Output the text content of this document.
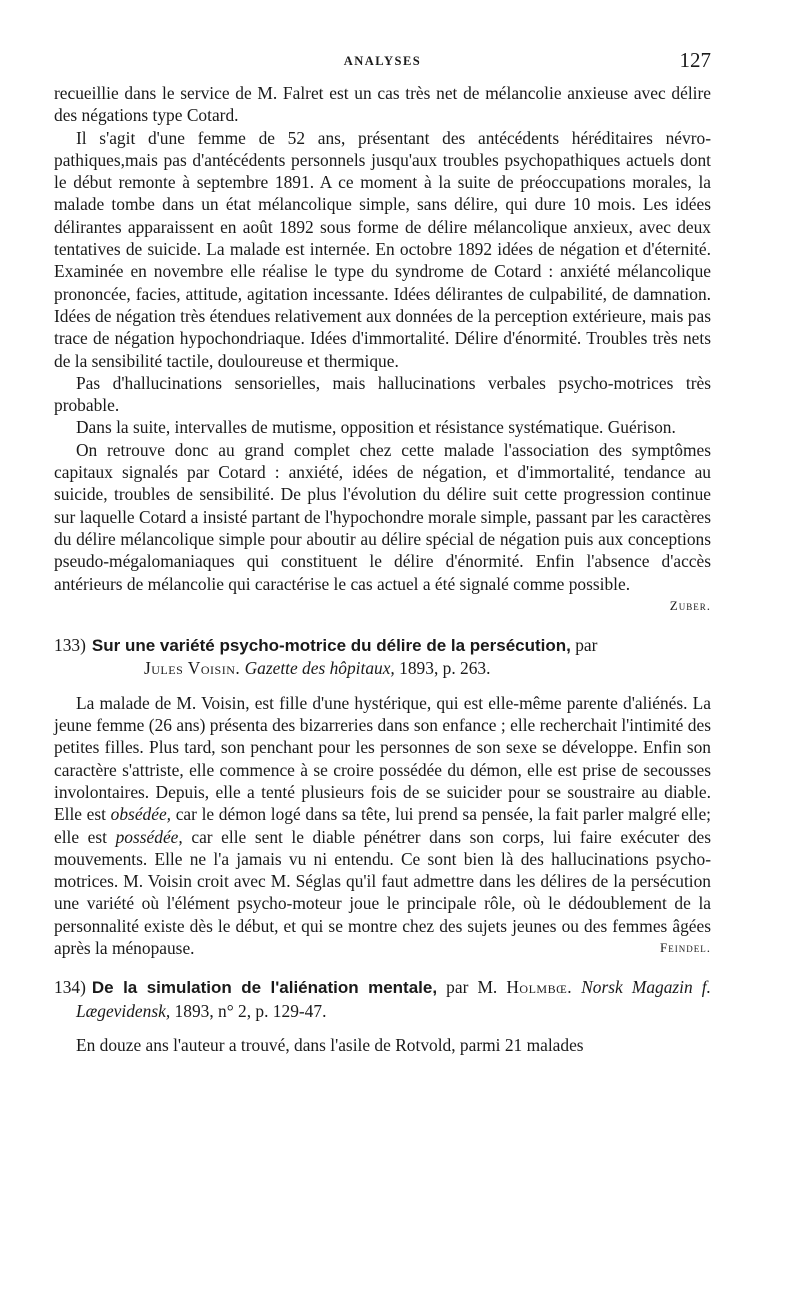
ANALYSES	127

recueillie dans le service de M. Falret est un cas très net de mélancolie anxieuse avec délire des négations type Cotard.

Il s'agit d'une femme de 52 ans, présentant des antécédents héréditaires névro-pathiques,mais pas d'antécédents personnels jusqu'aux troubles psychopathiques actuels dont le début remonte à septembre 1891. A ce moment à la suite de préoccupations morales, la malade tombe dans un état mélancolique simple, sans délire, qui dure 10 mois. Les idées délirantes apparaissent en août 1892 sous forme de délire mélancolique anxieux, avec deux tentatives de suicide. La malade est internée. En octobre 1892 idées de négation et d'éternité. Examinée en novembre elle réalise le type du syndrome de Cotard : anxiété mélancolique prononcée, facies, attitude, agitation incessante. Idées délirantes de culpabilité, de damnation. Idées de négation très étendues relativement aux données de la perception extérieure, mais pas trace de négation hypochondriaque. Idées d'immortalité. Délire d'énormité. Troubles très nets de la sensibilité tactile, douloureuse et thermique.

Pas d'hallucinations sensorielles, mais hallucinations verbales psycho-motrices très probable.

Dans la suite, intervalles de mutisme, opposition et résistance systématique. Guérison.

On retrouve donc au grand complet chez cette malade l'association des symptômes capitaux signalés par Cotard : anxiété, idées de négation, et d'immortalité, tendance au suicide, troubles de sensibilité. De plus l'évolution du délire suit cette progression continue sur laquelle Cotard a insisté partant de l'hypochondre morale simple, passant par les caractères du délire mélancolique simple pour aboutir au délire spécial de négation puis aux conceptions pseudo-mégalomaniaques qui constituent le délire d'énormité. Enfin l'absence d'accès antérieurs de mélancolie qui caractérise le cas actuel a été signalé comme possible.

Zuber.

133) Sur une variété psycho-motrice du délire de la persécution, par
Jules Voisin. Gazette des hôpitaux, 1893, p. 263.

La malade de M. Voisin, est fille d'une hystérique, qui est elle-même parente d'aliénés. La jeune femme (26 ans) présenta des bizarreries dans son enfance ; elle recherchait l'intimité des petites filles. Plus tard, son penchant pour les personnes de son sexe se développe. Enfin son caractère s'attriste, elle commence à se croire possédée du démon, elle est prise de secousses involontaires. Depuis, elle a tenté plusieurs fois de se suicider pour se soustraire au diable. Elle est obsédée, car le démon logé dans sa tête, lui prend sa pensée, la fait parler malgré elle; elle est possédée, car elle sent le diable pénétrer dans son corps, lui faire exécuter des mouvements. Elle ne l'a jamais vu ni entendu. Ce sont bien là des hallucinations psycho-motrices. M. Voisin croit avec M. Séglas qu'il faut admettre dans les délires de la persécution une variété où l'élément psycho-moteur joue le principale rôle, où le dédoublement de la personnalité existe dès le début, et qui se montre chez des sujets jeunes ou des femmes âgées après la ménopause.	Feindel.

134) De la simulation de l'aliénation mentale, par M. Holmbœ. Norsk Magazin f. Lægevidensk, 1893, n° 2, p. 129-47.

En douze ans l'auteur a trouvé, dans l'asile de Rotvold, parmi 21 malades
